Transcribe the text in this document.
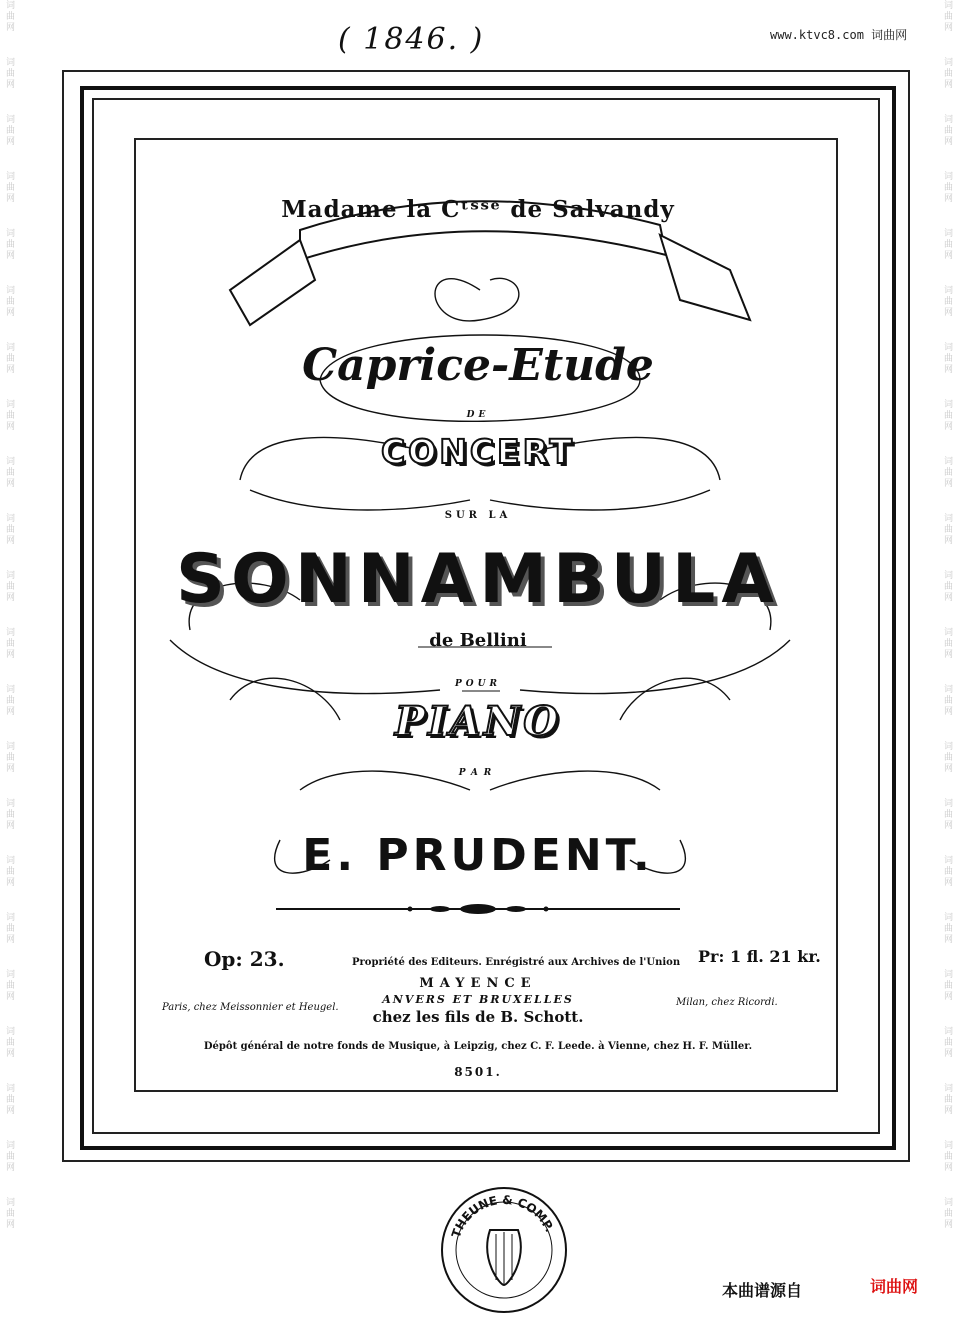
词曲网
词曲网
词曲网
词曲网
词曲网
词曲网
词曲网
词曲网
词曲网
词曲网
词曲网
词曲网
词曲网
词曲网
词曲网
词曲网
词曲网
词曲网
词曲网
词曲网
词曲网
词曲网
词曲网
词曲网
词曲网
词曲网
词曲网
词曲网
词曲网
词曲网
词曲网
词曲网
词曲网
词曲网
词曲网
词曲网
词曲网
词曲网
词曲网
词曲网
词曲网
词曲网
词曲网
词曲网
( 1846. )	www.ktvc8.com 词曲网
THEUNE & COMP.
Madame la Cᵗˢˢᵉ de Salvandy
Caprice-Etude
DE
CONCERT
SUR LA
SONNAMBULA
de Bellini
POUR
PIANO
PAR
E. PRUDENT.
Op: 23.	Pr: 1 fl. 21 kr.
Propriété des Editeurs. Enrégistré aux Archives de l'Union
MAYENCE
ANVERS ET BRUXELLES
chez les fils de B. Schott.
Paris, chez Meissonnier et Heugel.	Milan, chez Ricordi.
Dépôt général de notre fonds de Musique, à Leipzig, chez C. F. Leede. à Vienne, chez H. F. Müller.
8501.
本曲谱源自	词曲网
